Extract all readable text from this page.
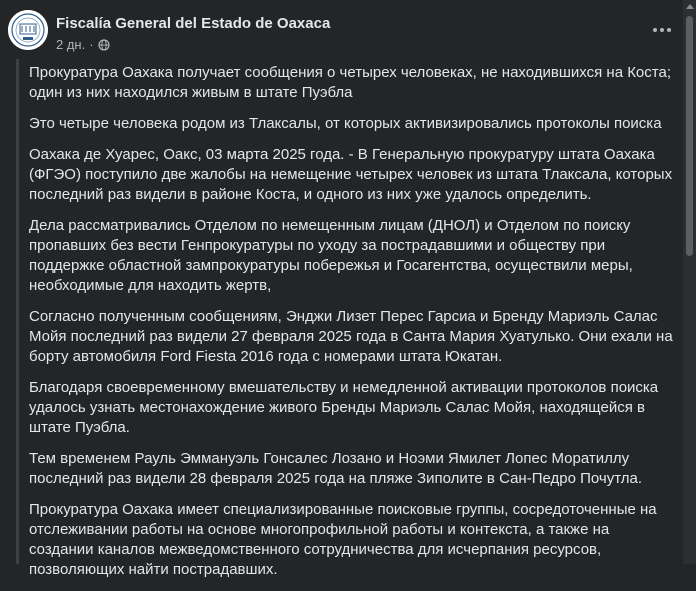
Fiscalía General del Estado de Oaxaca
2 дн. ·

Прокуратура Оахака получает сообщения о четырех человеках, не находившихся на Коста; один из них находился живым в штате Пуэбла

Это четыре человека родом из Тлаксалы, от которых активизировались протоколы поиска

Оахака де Хуарес, Оакс, 03 марта 2025 года. - В Генеральную прокуратуру штата Оахака (ФГЭО) поступило две жалобы на немещение четырех человек из штата Тлаксала, которых последний раз видели в районе Коста, и одного из них уже удалось определить.

Дела рассматривались Отделом по немещенным лицам (ДНОЛ) и Отделом по поиску пропавших без вести Генпрокуратуры по уходу за пострадавшими и обществу при поддержке областной зампрокуратуры побережья и Госагентства, осуществили меры, необходимые для находить жертв,

Согласно полученным сообщениям, Энджи Лизет Перес Гарсиа и Бренду Мариэль Салас Мойя последний раз видели 27 февраля 2025 года в Санта Мария Хуатулько. Они ехали на борту автомобиля Ford Fiesta 2016 года с номерами штата Юкатан.

Благодаря своевременному вмешательству и немедленной активации протоколов поиска удалось узнать местонахождение живого Бренды Мариэль Салас Мойя, находящейся в штате Пуэбла.

Тем временем Рауль Эммануэль Гонсалес Лозано и Ноэми Ямилет Лопес Моратиллу последний раз видели 28 февраля 2025 года на пляже Зиполите в Сан-Педро Почутла.

Прокуратура Оахака имеет специализированные поисковые группы, сосредоточенные на отслеживании работы на основе многопрофильной работы и контекста, а также на создании каналов межведомственного сотрудничества для исчерпания ресурсов, позволяющих найти пострадавших.
